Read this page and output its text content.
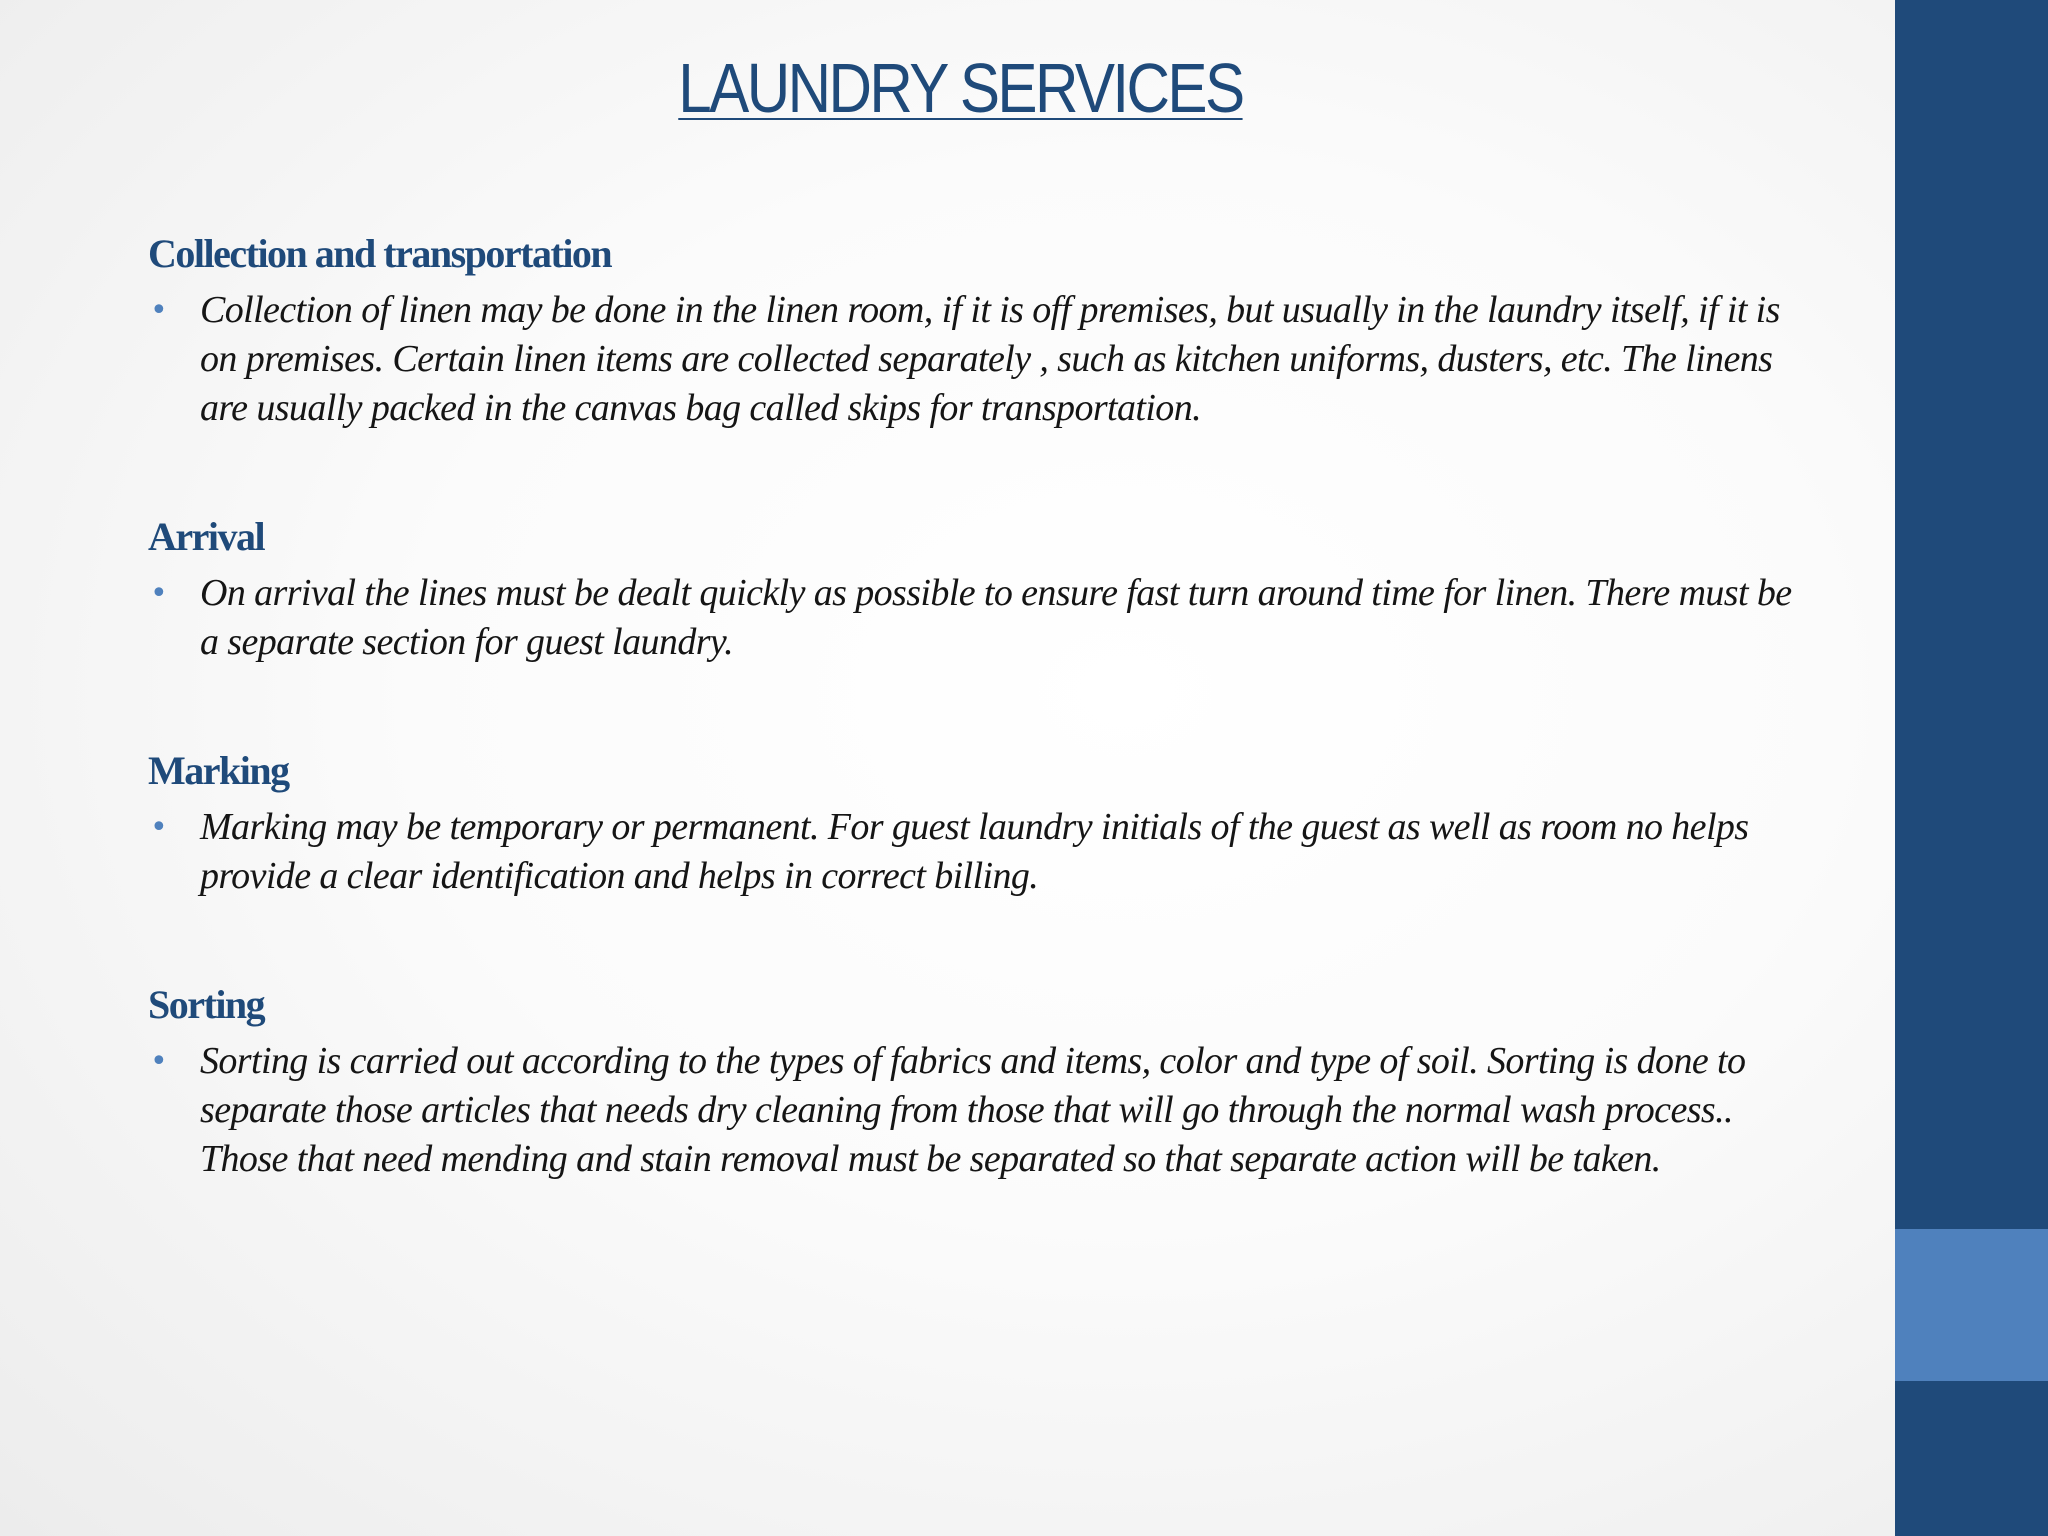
LAUNDRY SERVICES
Collection and transportation
• Collection of linen may be done in the linen room, if it is off premises, but usually in the laundry itself, if it is on premises. Certain linen items are collected separately , such as kitchen uniforms, dusters, etc. The linens are usually packed in the canvas bag called skips for transportation.
Arrival
• On arrival the lines must be dealt quickly as possible to ensure fast turn around time for linen. There must be a separate section for guest laundry.
Marking
• Marking may be temporary or permanent. For guest laundry initials of the guest as well as room no helps provide a clear identification and helps in correct billing.
Sorting
• Sorting is carried out according to the types of fabrics and items, color and type of soil. Sorting is done to separate those articles that needs dry cleaning from those that will go through the normal wash process.. Those that need mending and stain removal must be separated so that separate action will be taken.
